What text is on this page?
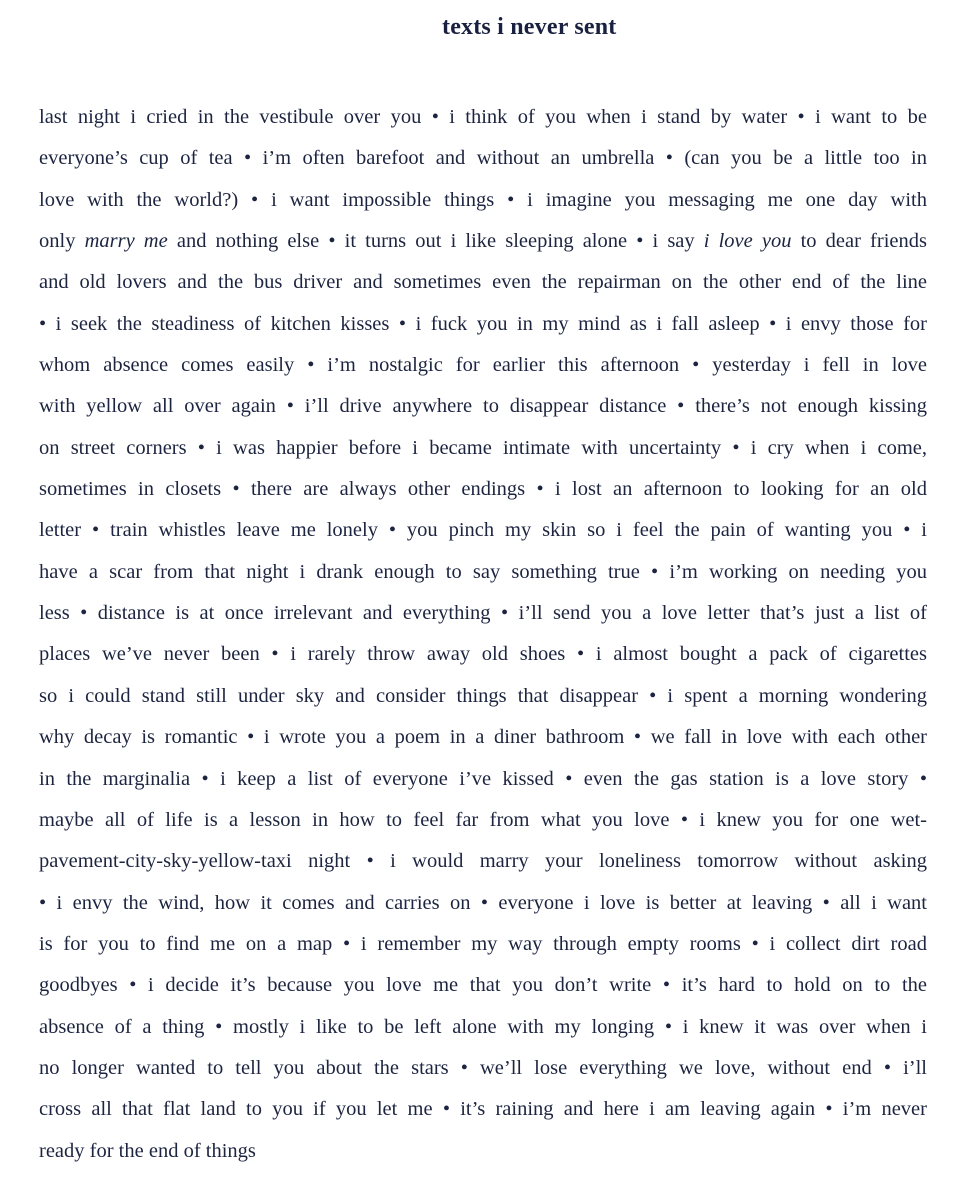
texts i never sent
last night i cried in the vestibule over you • i think of you when i stand by water • i want to be
everyone’s cup of tea • i’m often barefoot and without an umbrella • (can you be a little too in
love with the world?) • i want impossible things • i imagine you messaging me one day with
only marry me and nothing else • it turns out i like sleeping alone • i say i love you to dear friends
and old lovers and the bus driver and sometimes even the repairman on the other end of the line
• i seek the steadiness of kitchen kisses • i fuck you in my mind as i fall asleep • i envy those for
whom absence comes easily • i’m nostalgic for earlier this afternoon • yesterday i fell in love
with yellow all over again • i’ll drive anywhere to disappear distance • there’s not enough kissing
on street corners • i was happier before i became intimate with uncertainty • i cry when i come,
sometimes in closets • there are always other endings • i lost an afternoon to looking for an old
letter • train whistles leave me lonely • you pinch my skin so i feel the pain of wanting you • i
have a scar from that night i drank enough to say something true • i’m working on needing you
less • distance is at once irrelevant and everything • i’ll send you a love letter that’s just a list of
places we’ve never been • i rarely throw away old shoes • i almost bought a pack of cigarettes
so i could stand still under sky and consider things that disappear • i spent a morning wondering
why decay is romantic • i wrote you a poem in a diner bathroom • we fall in love with each other
in the marginalia • i keep a list of everyone i’ve kissed • even the gas station is a love story •
maybe all of life is a lesson in how to feel far from what you love • i knew you for one wet-
pavement-city-sky-yellow-taxi night • i would marry your loneliness tomorrow without asking
• i envy the wind, how it comes and carries on • everyone i love is better at leaving • all i want
is for you to find me on a map • i remember my way through empty rooms • i collect dirt road
goodbyes • i decide it’s because you love me that you don’t write • it’s hard to hold on to the
absence of a thing • mostly i like to be left alone with my longing • i knew it was over when i
no longer wanted to tell you about the stars • we’ll lose everything we love, without end • i’ll
cross all that flat land to you if you let me • it’s raining and here i am leaving again • i’m never
ready for the end of things
